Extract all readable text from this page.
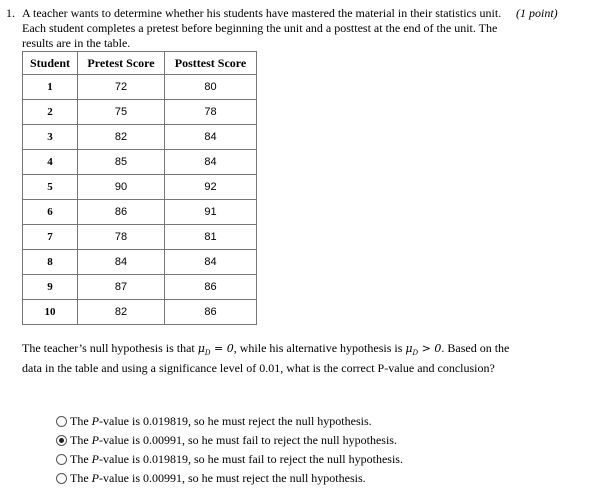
1. A teacher wants to determine whether his students have mastered the material in their statistics unit. Each student completes a pretest before beginning the unit and a posttest at the end of the unit. The results are in the table.
(1 point)
Student	Pretest Score	Posttest Score
1	72	80
2	75	78
3	82	84
4	85	84
5	90	92
6	86	91
7	78	81
8	84	84
9	87	86
10	82	86
The teacher’s null hypothesis is that $\mu_D = 0$, while his alternative hypothesis is $\mu_D > 0$. Based on the data in the table and using a significance level of 0.01, what is the correct P-value and conclusion?
The P-value is 0.019819, so he must reject the null hypothesis.
The P-value is 0.00991, so he must fail to reject the null hypothesis.
The P-value is 0.019819, so he must fail to reject the null hypothesis.
The P-value is 0.00991, so he must reject the null hypothesis.
